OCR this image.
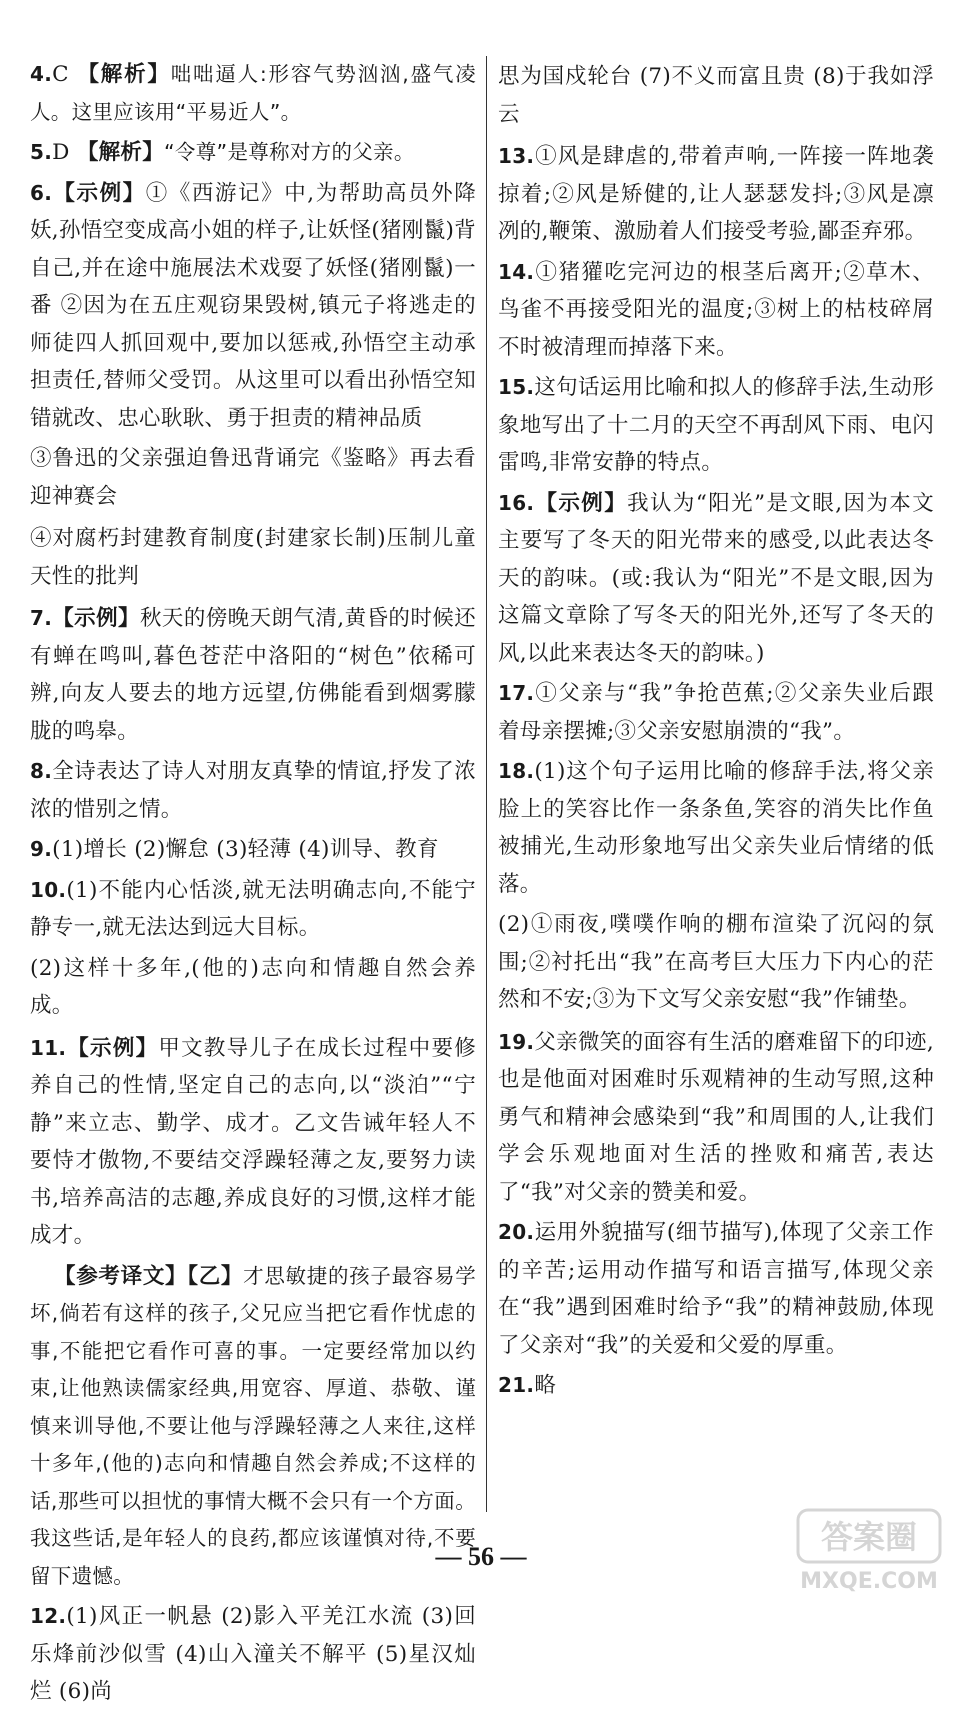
4.C 【解析】咄咄逼人:形容气势汹汹,盛气凌人。这里应该用“平易近人”。
5.D 【解析】“令尊”是尊称对方的父亲。
6.【示例】①《西游记》中,为帮助高员外降妖,孙悟空变成高小姐的样子,让妖怪(猪刚鬣)背自己,并在途中施展法术戏耍了妖怪(猪刚鬣)一番 ②因为在五庄观窃果毁树,镇元子将逃走的师徒四人抓回观中,要加以惩戒,孙悟空主动承担责任,替师父受罚。从这里可以看出孙悟空知错就改、忠心耿耿、勇于担责的精神品质
③鲁迅的父亲强迫鲁迅背诵完《鉴略》再去看迎神赛会
④对腐朽封建教育制度(封建家长制)压制儿童天性的批判
7.【示例】秋天的傍晚天朗气清,黄昏的时候还有蝉在鸣叫,暮色苍茫中洛阳的“树色”依稀可辨,向友人要去的地方远望,仿佛能看到烟雾朦胧的鸣皋。
8.全诗表达了诗人对朋友真挚的情谊,抒发了浓浓的惜别之情。
9.(1)增长 (2)懈怠 (3)轻薄 (4)训导、教育
10.(1)不能内心恬淡,就无法明确志向,不能宁静专一,就无法达到远大目标。
(2)这样十多年,(他的)志向和情趣自然会养成。
11.【示例】甲文教导儿子在成长过程中要修养自己的性情,坚定自己的志向,以“淡泊”“宁静”来立志、勤学、成才。乙文告诫年轻人不要恃才傲物,不要结交浮躁轻薄之友,要努力读书,培养高洁的志趣,养成良好的习惯,这样才能成才。
【参考译文】【乙】才思敏捷的孩子最容易学坏,倘若有这样的孩子,父兄应当把它看作忧虑的事,不能把它看作可喜的事。一定要经常加以约束,让他熟读儒家经典,用宽容、厚道、恭敬、谨慎来训导他,不要让他与浮躁轻薄之人来往,这样十多年,(他的)志向和情趣自然会养成;不这样的话,那些可以担忧的事情大概不会只有一个方面。我这些话,是年轻人的良药,都应该谨慎对待,不要留下遗憾。
12.(1)风正一帆悬 (2)影入平羌江水流 (3)回乐烽前沙似雪 (4)山入潼关不解平 (5)星汉灿烂 (6)尚
思为国戍轮台 (7)不义而富且贵 (8)于我如浮云
13.①风是肆虐的,带着声响,一阵接一阵地袭掠着;②风是矫健的,让人瑟瑟发抖;③风是凛冽的,鞭策、激励着人们接受考验,鄙歪弃邪。
14.①猪獾吃完河边的根茎后离开;②草木、鸟雀不再接受阳光的温度;③树上的枯枝碎屑不时被清理而掉落下来。
15.这句话运用比喻和拟人的修辞手法,生动形象地写出了十二月的天空不再刮风下雨、电闪雷鸣,非常安静的特点。
16.【示例】我认为“阳光”是文眼,因为本文主要写了冬天的阳光带来的感受,以此表达冬天的韵味。(或:我认为“阳光”不是文眼,因为这篇文章除了写冬天的阳光外,还写了冬天的风,以此来表达冬天的韵味。)
17.①父亲与“我”争抢芭蕉;②父亲失业后跟着母亲摆摊;③父亲安慰崩溃的“我”。
18.(1)这个句子运用比喻的修辞手法,将父亲脸上的笑容比作一条条鱼,笑容的消失比作鱼被捕光,生动形象地写出父亲失业后情绪的低落。
(2)①雨夜,噗噗作响的棚布渲染了沉闷的氛围;②衬托出“我”在高考巨大压力下内心的茫然和不安;③为下文写父亲安慰“我”作铺垫。
19.父亲微笑的面容有生活的磨难留下的印迹,也是他面对困难时乐观精神的生动写照,这种勇气和精神会感染到“我”和周围的人,让我们学会乐观地面对生活的挫败和痛苦,表达了“我”对父亲的赞美和爱。
20.运用外貌描写(细节描写),体现了父亲工作的辛苦;运用动作描写和语言描写,体现父亲在“我”遇到困难时给予“我”的精神鼓励,体现了父亲对“我”的关爱和父爱的厚重。
21.略
— 56 —
答案圈
MXQE.COM
